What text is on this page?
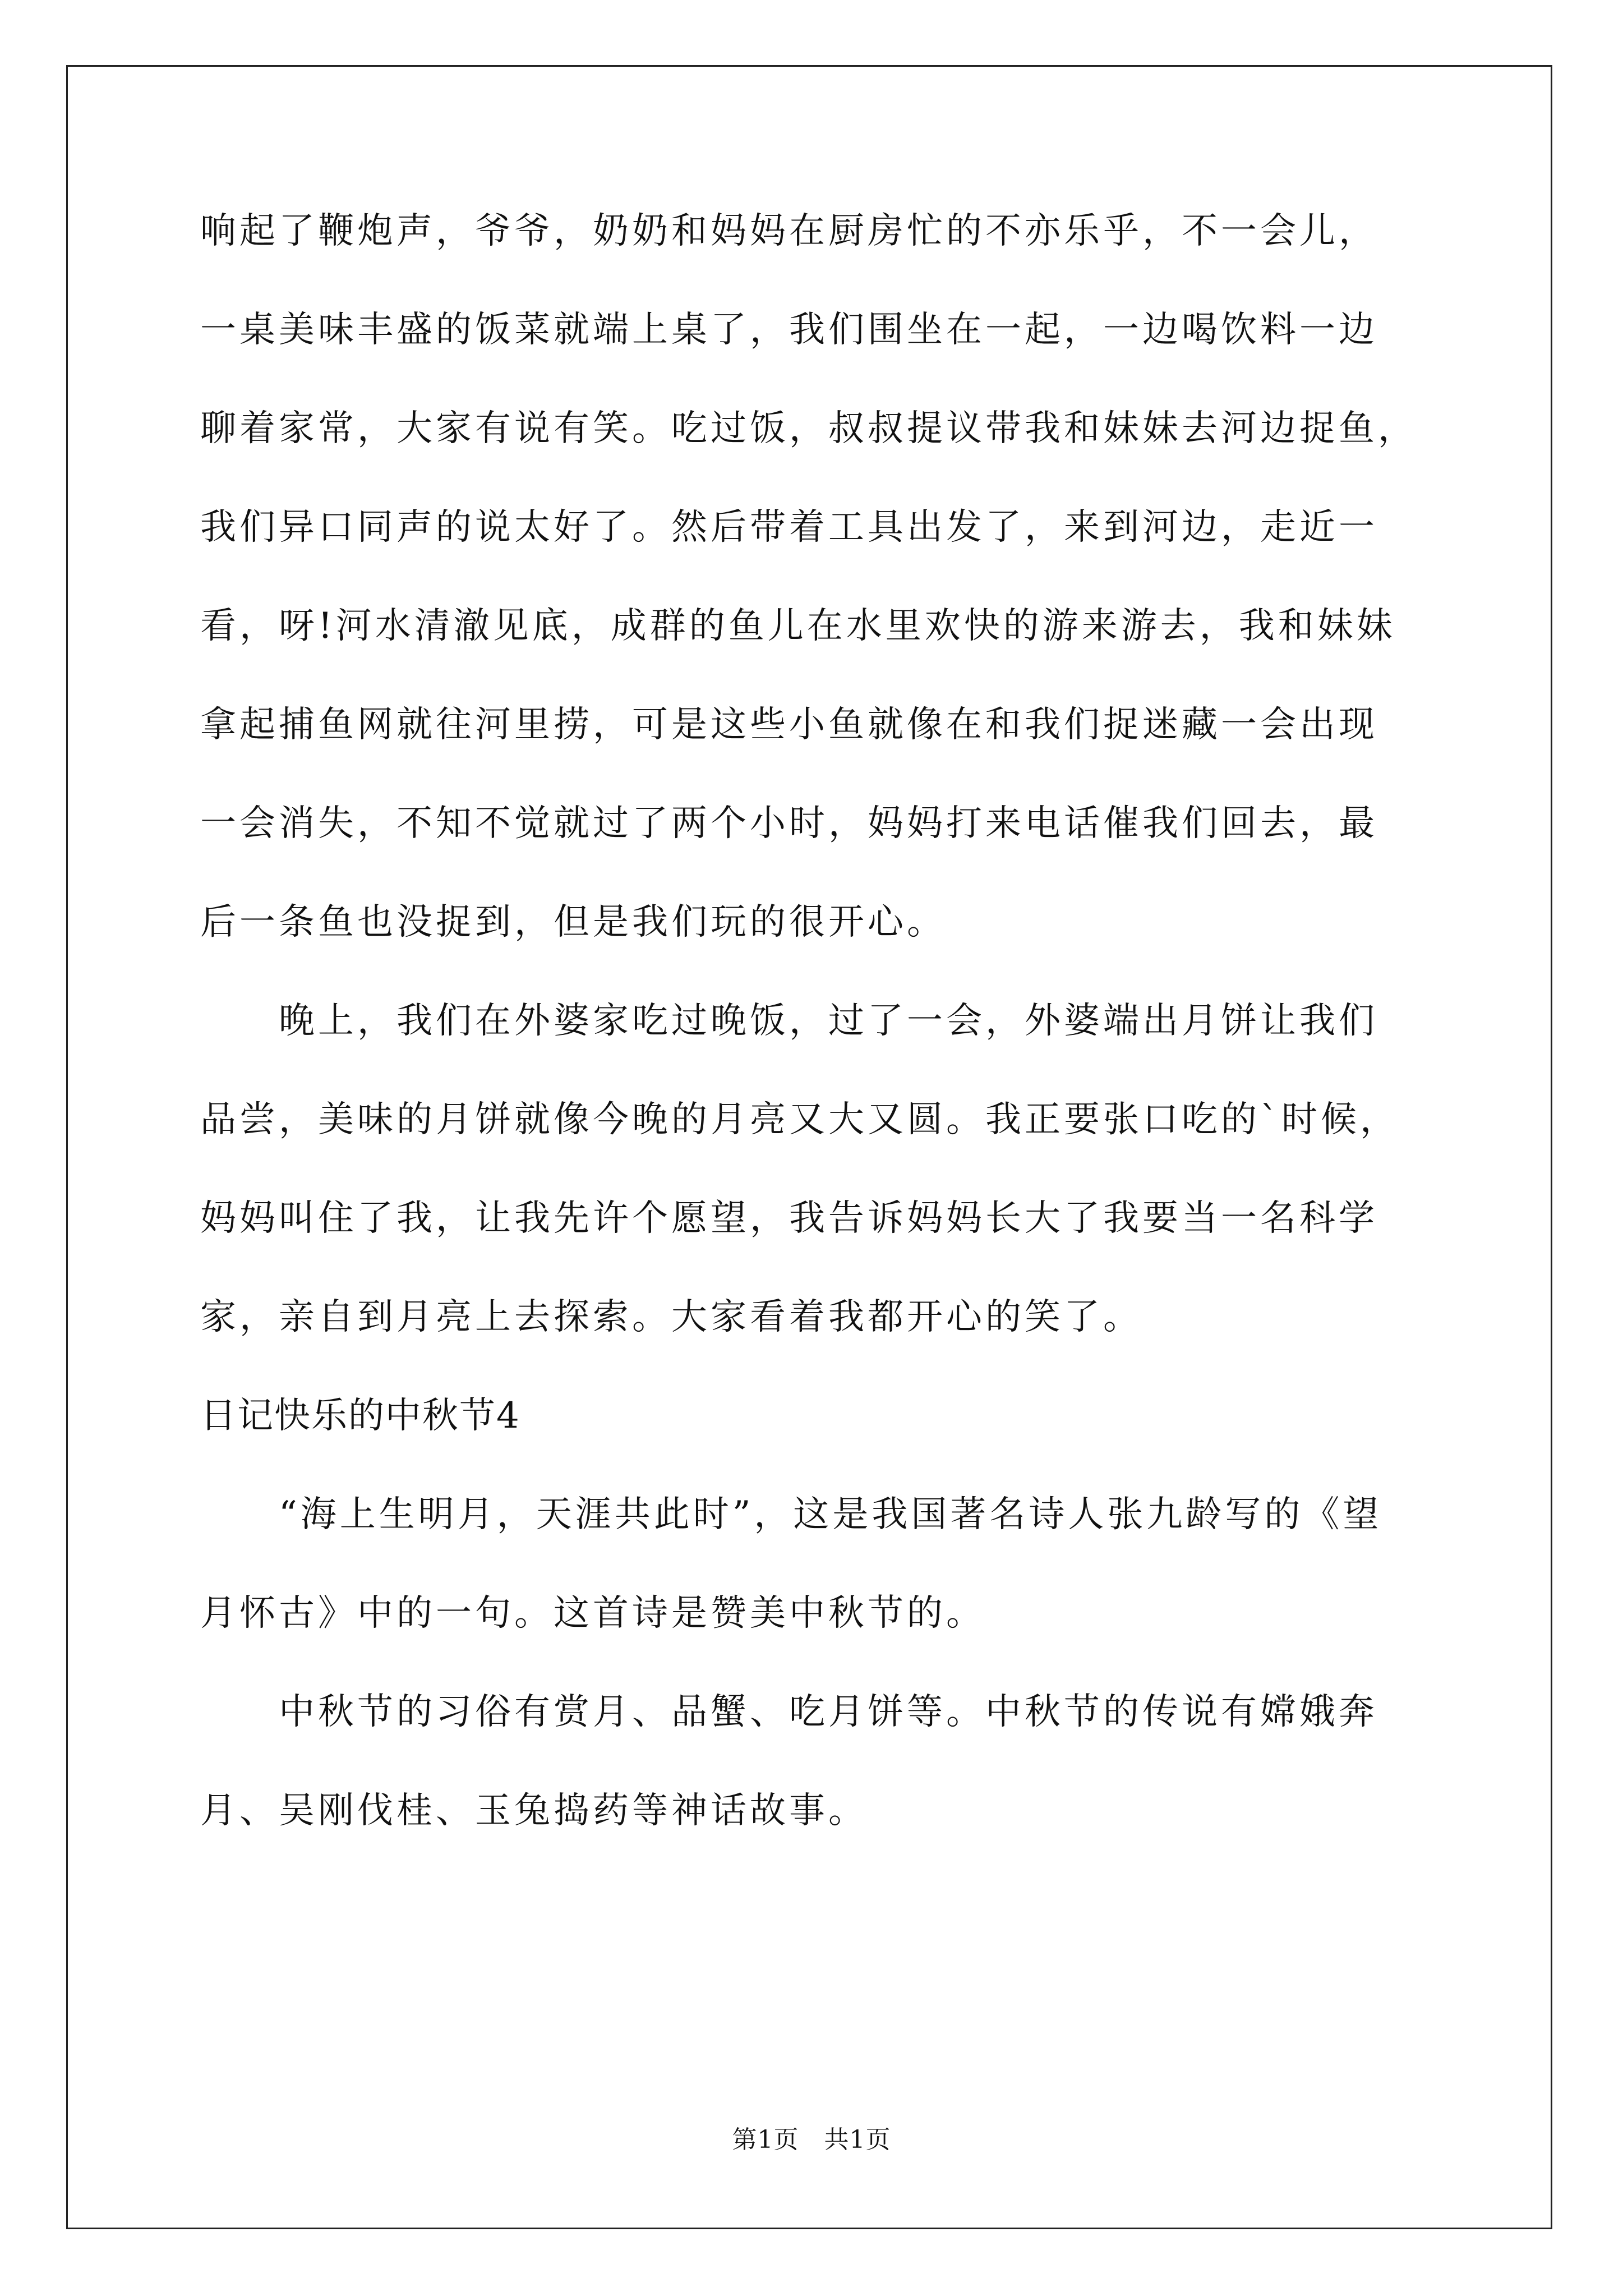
响起了鞭炮声，爷爷，奶奶和妈妈在厨房忙的不亦乐乎，不一会儿，
一桌美味丰盛的饭菜就端上桌了，我们围坐在一起，一边喝饮料一边
聊着家常，大家有说有笑。吃过饭，叔叔提议带我和妹妹去河边捉鱼，
我们异口同声的说太好了。然后带着工具出发了，来到河边，走近一
看，呀!河水清澈见底，成群的鱼儿在水里欢快的游来游去，我和妹妹
拿起捕鱼网就往河里捞，可是这些小鱼就像在和我们捉迷藏一会出现
一会消失，不知不觉就过了两个小时，妈妈打来电话催我们回去，最
后一条鱼也没捉到，但是我们玩的很开心。
晚上，我们在外婆家吃过晚饭，过了一会，外婆端出月饼让我们
品尝，美味的月饼就像今晚的月亮又大又圆。我正要张口吃的`时候，
妈妈叫住了我，让我先许个愿望，我告诉妈妈长大了我要当一名科学
家，亲自到月亮上去探索。大家看着我都开心的笑了。
日记快乐的中秋节4
“海上生明月，天涯共此时”，这是我国著名诗人张九龄写的《望
月怀古》中的一句。这首诗是赞美中秋节的。
中秋节的习俗有赏月、品蟹、吃月饼等。中秋节的传说有嫦娥奔
月、吴刚伐桂、玉兔捣药等神话故事。
第1页   共1页
